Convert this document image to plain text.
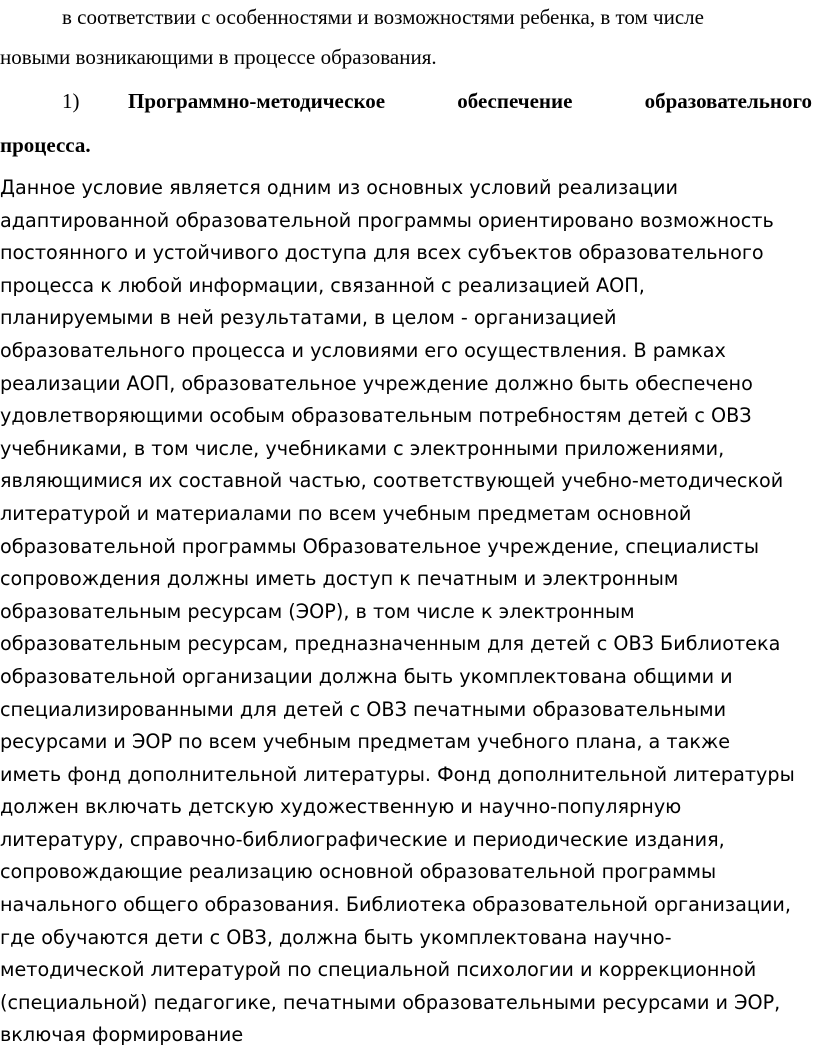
в соответствии с особенностями и возможностями ребенка, в том числе

новыми возникающими в процессе образования.

1) Программно-методическое обеспечение образовательного
процесса.
Данное условие является одним из основных условий реализации
адаптированной образовательной программы ориентировано возможность
постоянного и устойчивого доступа для всех субъектов образовательного
процесса к любой информации, связанной с реализацией АОП,
планируемыми в ней результатами, в целом - организацией
образовательного процесса и условиями его осуществления. В рамках
реализации АОП, образовательное учреждение должно быть обеспечено
удовлетворяющими особым образовательным потребностям детей с ОВЗ
учебниками, в том числе, учебниками с электронными приложениями,
являющимися их составной частью, соответствующей учебно-методической
литературой и материалами по всем учебным предметам основной
образовательной программы Образовательное учреждение, специалисты
сопровождения должны иметь доступ к печатным и электронным
образовательным ресурсам (ЭОР), в том числе к электронным
образовательным ресурсам, предназначенным для детей с ОВЗ Библиотека
образовательной организации должна быть укомплектована общими и
специализированными для детей с ОВЗ печатными образовательными
ресурсами и ЭОР по всем учебным предметам учебного плана, а также
иметь фонд дополнительной литературы. Фонд дополнительной литературы
должен включать детскую художественную и научно-популярную
литературу, справочно-библиографические и периодические издания,
сопровождающие реализацию основной образовательной программы
начального общего образования. Библиотека образовательной организации,
где обучаются дети с ОВЗ, должна быть укомплектована научно-
методической литературой по специальной психологии и коррекционной
(специальной) педагогике, печатными образовательными ресурсами и ЭОР,
включая формирование
